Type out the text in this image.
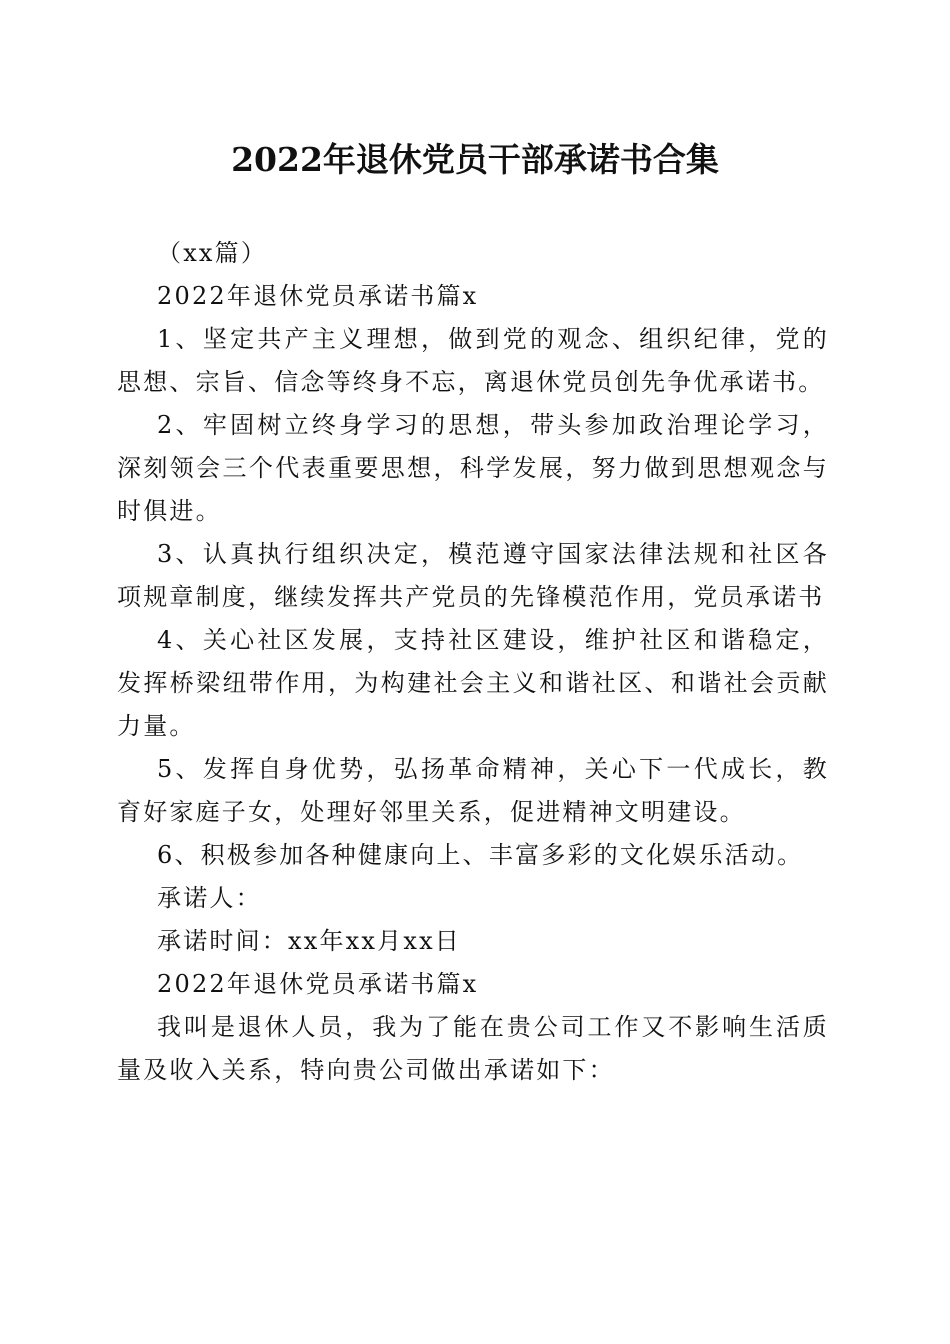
2022年退休党员干部承诺书合集

（xx篇）

2022年退休党员承诺书篇x

1、坚定共产主义理想，做到党的观念、组织纪律，党的思想、宗旨、信念等终身不忘，离退休党员创先争优承诺书。

2、牢固树立终身学习的思想，带头参加政治理论学习，深刻领会三个代表重要思想，科学发展，努力做到思想观念与时俱进。

3、认真执行组织决定，模范遵守国家法律法规和社区各项规章制度，继续发挥共产党员的先锋模范作用，党员承诺书

4、关心社区发展，支持社区建设，维护社区和谐稳定，发挥桥梁纽带作用，为构建社会主义和谐社区、和谐社会贡献力量。

5、发挥自身优势，弘扬革命精神，关心下一代成长，教育好家庭子女，处理好邻里关系，促进精神文明建设。

6、积极参加各种健康向上、丰富多彩的文化娱乐活动。

承诺人：

承诺时间：xx年xx月xx日

2022年退休党员承诺书篇x

我叫是退休人员，我为了能在贵公司工作又不影响生活质量及收入关系，特向贵公司做出承诺如下：
